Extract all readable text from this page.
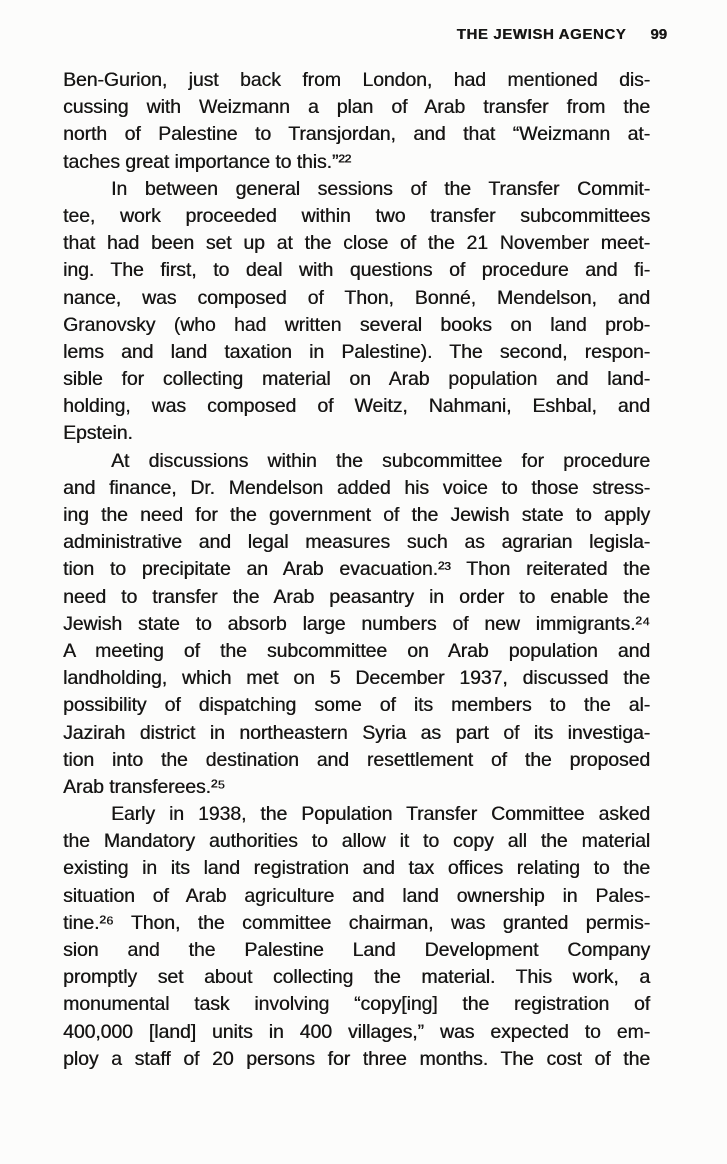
THE JEWISH AGENCY 99
Ben-Gurion, just back from London, had mentioned dis-
cussing with Weizmann a plan of Arab transfer from the
north of Palestine to Transjordan, and that “Weizmann at-
taches great importance to this.”²²
In between general sessions of the Transfer Commit-
tee, work proceeded within two transfer subcommittees
that had been set up at the close of the 21 November meet-
ing. The first, to deal with questions of procedure and fi-
nance, was composed of Thon, Bonné, Mendelson, and
Granovsky (who had written several books on land prob-
lems and land taxation in Palestine). The second, respon-
sible for collecting material on Arab population and land-
holding, was composed of Weitz, Nahmani, Eshbal, and
Epstein.
At discussions within the subcommittee for procedure
and finance, Dr. Mendelson added his voice to those stress-
ing the need for the government of the Jewish state to apply
administrative and legal measures such as agrarian legisla-
tion to precipitate an Arab evacuation.²³ Thon reiterated the
need to transfer the Arab peasantry in order to enable the
Jewish state to absorb large numbers of new immigrants.²⁴
A meeting of the subcommittee on Arab population and
landholding, which met on 5 December 1937, discussed the
possibility of dispatching some of its members to the al-
Jazirah district in northeastern Syria as part of its investiga-
tion into the destination and resettlement of the proposed
Arab transferees.²⁵
Early in 1938, the Population Transfer Committee asked
the Mandatory authorities to allow it to copy all the material
existing in its land registration and tax offices relating to the
situation of Arab agriculture and land ownership in Pales-
tine.²⁶ Thon, the committee chairman, was granted permis-
sion and the Palestine Land Development Company
promptly set about collecting the material. This work, a
monumental task involving “copy[ing] the registration of
400,000 [land] units in 400 villages,” was expected to em-
ploy a staff of 20 persons for three months. The cost of the
